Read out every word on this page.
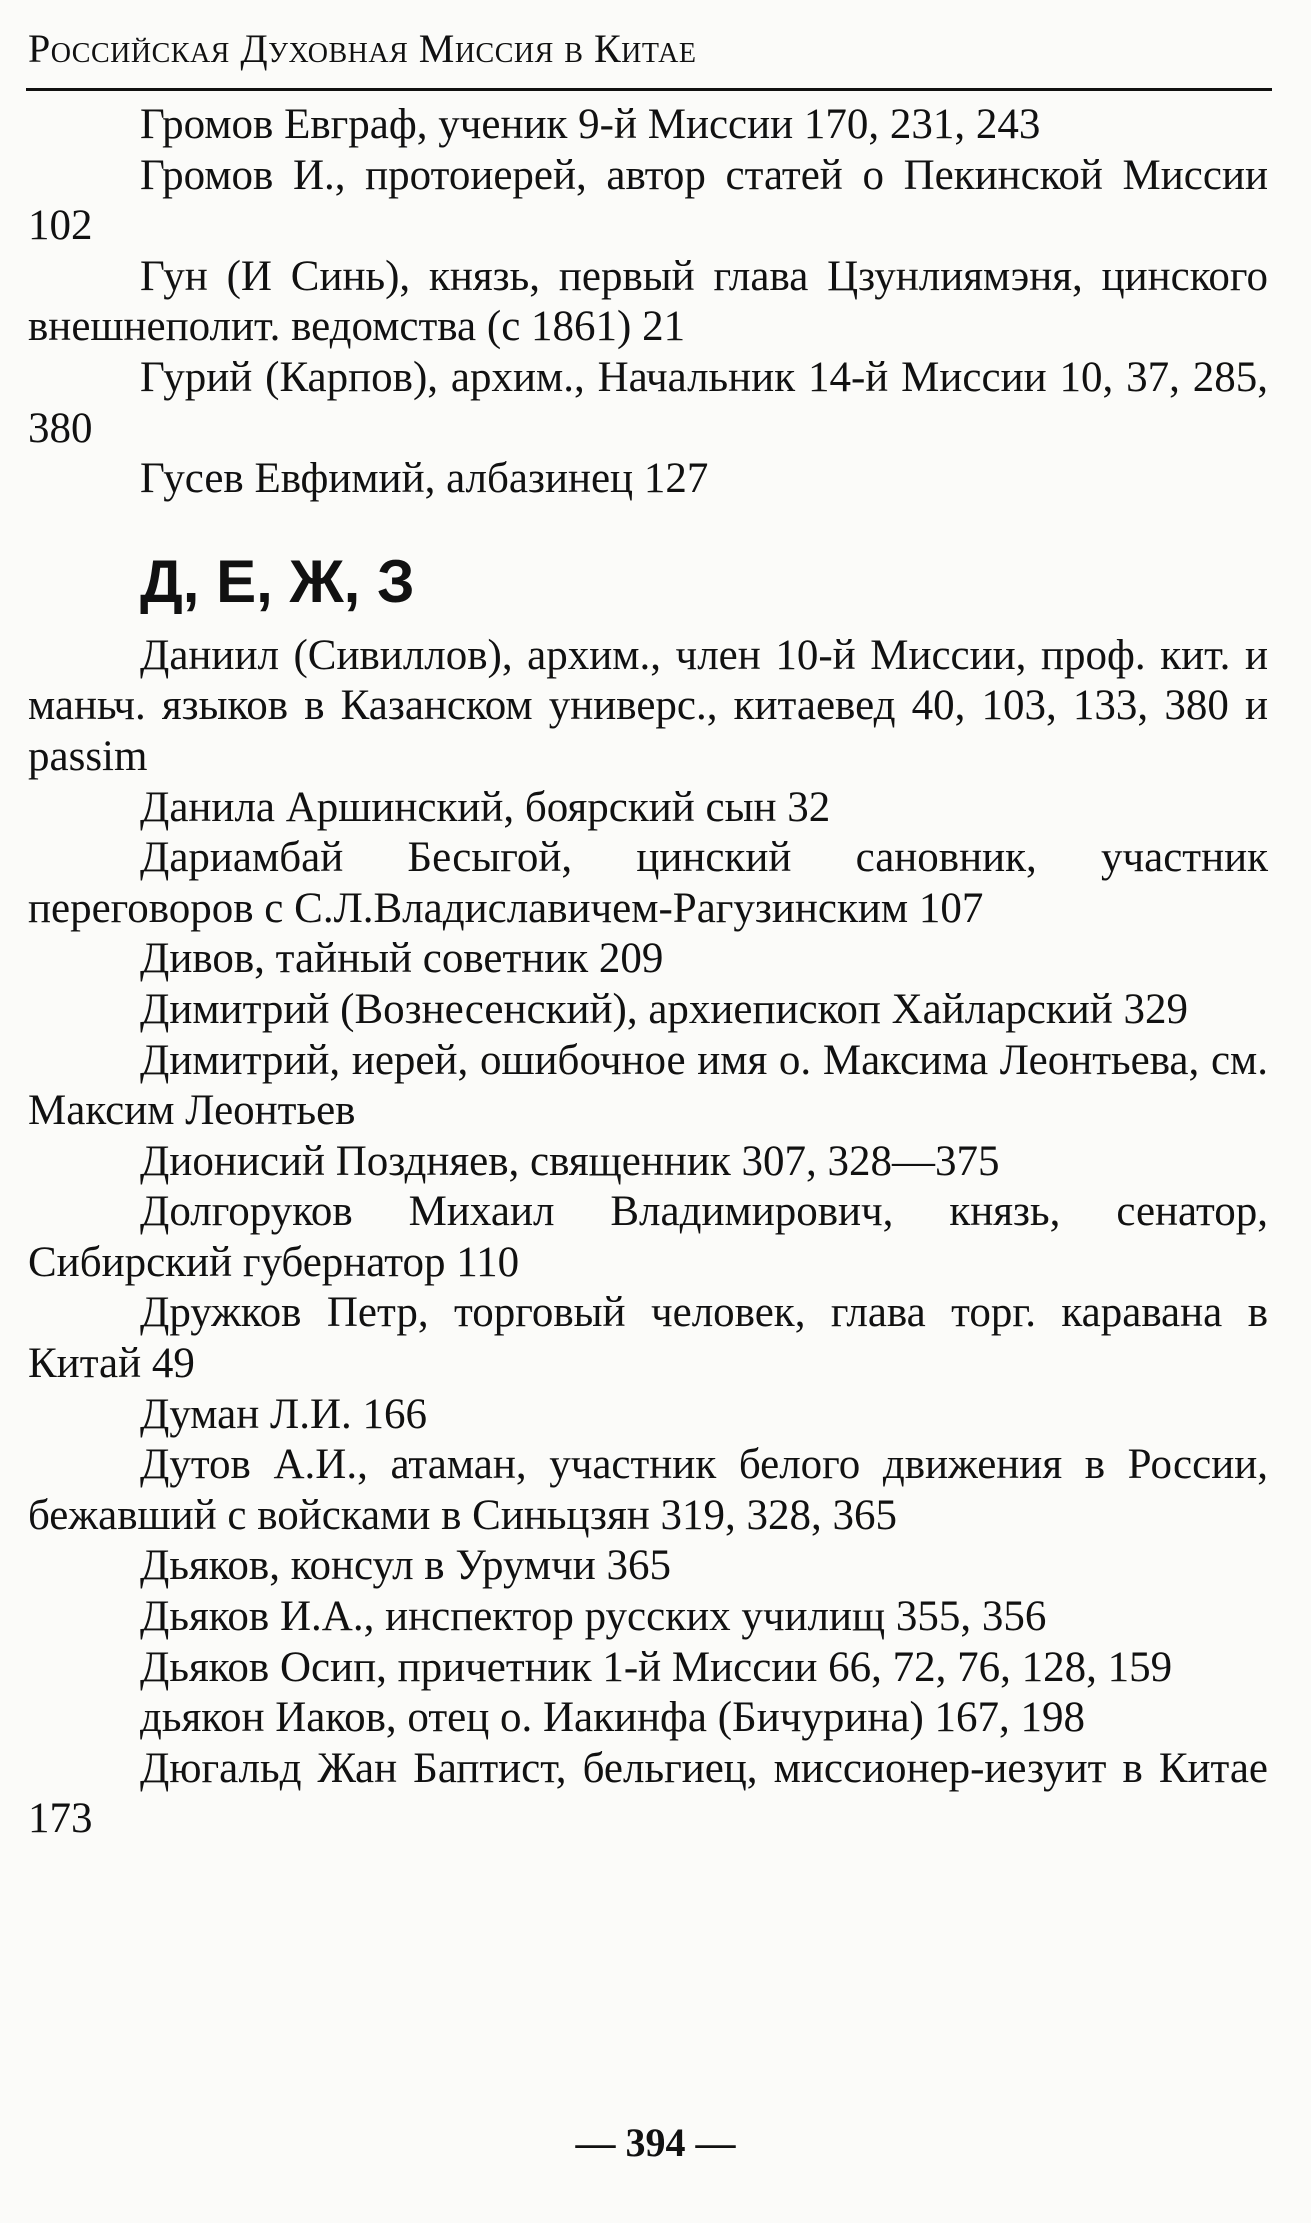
Российская Духовная Миссия в Китае

Громов Евграф, ученик 9-й Миссии 170, 231, 243

Громов И., протоиерей, автор статей о Пекинской Миссии 102

Гун (И Синь), князь, первый глава Цзунлиямэня, цинского внешнеполит. ведомства (с 1861) 21

Гурий (Карпов), архим., Начальник 14-й Миссии 10, 37, 285, 380

Гусев Евфимий, албазинец 127

Д, Е, Ж, З

Даниил (Сивиллов), архим., член 10-й Миссии, проф. кит. и маньч. языков в Казанском универс., китаевед 40, 103, 133, 380 и passim

Данила Аршинский, боярский сын 32

Дариамбай Бесыгой, цинский сановник, участник переговоров с С.Л.Владиславичем-Рагузинским 107

Дивов, тайный советник 209

Димитрий (Вознесенский), архиепископ Хайларский 329

Димитрий, иерей, ошибочное имя о. Максима Леонтьева, см. Максим Леонтьев

Дионисий Поздняев, священник 307, 328—375

Долгоруков Михаил Владимирович, князь, сенатор, Сибирский губернатор 110

Дружков Петр, торговый человек, глава торг. каравана в Китай 49

Думан Л.И. 166

Дутов А.И., атаман, участник белого движения в России, бежавший с войсками в Синьцзян 319, 328, 365

Дьяков, консул в Урумчи 365

Дьяков И.А., инспектор русских училищ 355, 356

Дьяков Осип, причетник 1-й Миссии 66, 72, 76, 128, 159

дьякон Иаков, отец о. Иакинфа (Бичурина) 167, 198

Дюгальд Жан Баптист, бельгиец, миссионер-иезуит в Китае 173

— 394 —
